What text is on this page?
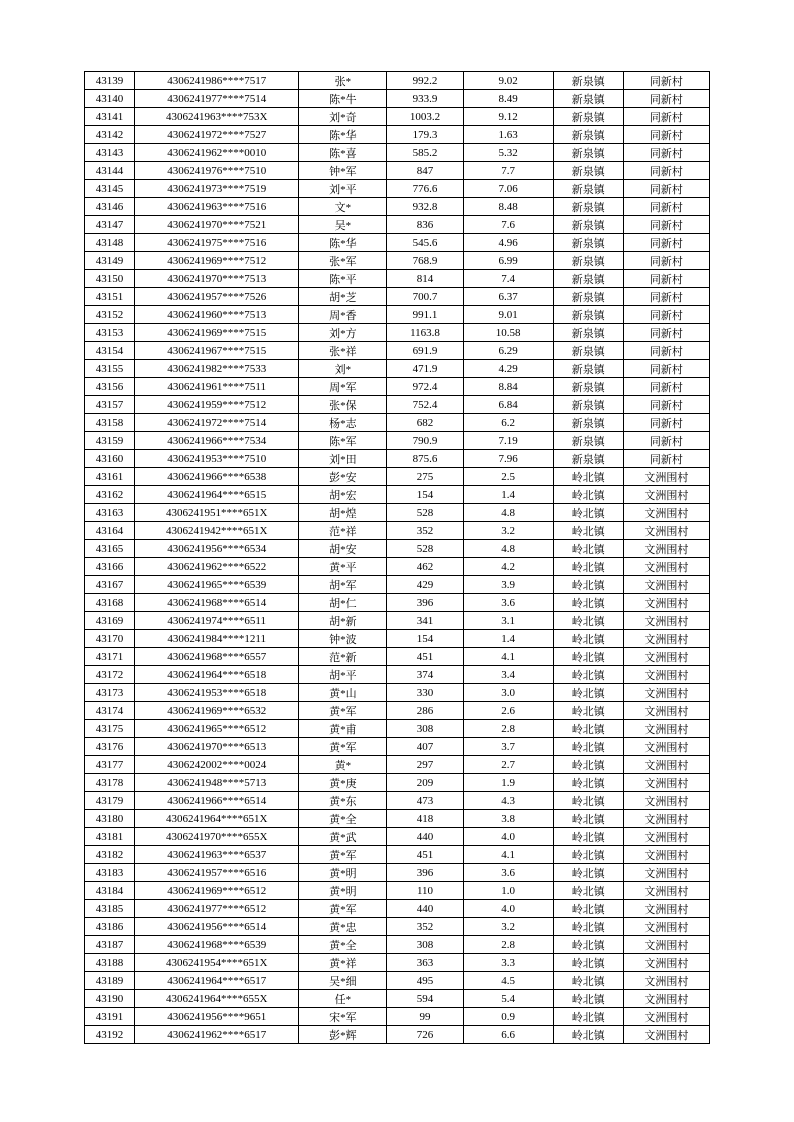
43139	4306241986****7517	张*	992.2	9.02	新泉镇	同新村
43140	4306241977****7514	陈*牛	933.9	8.49	新泉镇	同新村
43141	4306241963****753X	刘*奇	1003.2	9.12	新泉镇	同新村
43142	4306241972****7527	陈*华	179.3	1.63	新泉镇	同新村
43143	4306241962****0010	陈*喜	585.2	5.32	新泉镇	同新村
43144	4306241976****7510	钟*军	847	7.7	新泉镇	同新村
43145	4306241973****7519	刘*平	776.6	7.06	新泉镇	同新村
43146	4306241963****7516	文*	932.8	8.48	新泉镇	同新村
43147	4306241970****7521	吴*	836	7.6	新泉镇	同新村
43148	4306241975****7516	陈*华	545.6	4.96	新泉镇	同新村
43149	4306241969****7512	张*军	768.9	6.99	新泉镇	同新村
43150	4306241970****7513	陈*平	814	7.4	新泉镇	同新村
43151	4306241957****7526	胡*芝	700.7	6.37	新泉镇	同新村
43152	4306241960****7513	周*香	991.1	9.01	新泉镇	同新村
43153	4306241969****7515	刘*方	1163.8	10.58	新泉镇	同新村
43154	4306241967****7515	张*祥	691.9	6.29	新泉镇	同新村
43155	4306241982****7533	刘*	471.9	4.29	新泉镇	同新村
43156	4306241961****7511	周*军	972.4	8.84	新泉镇	同新村
43157	4306241959****7512	张*保	752.4	6.84	新泉镇	同新村
43158	4306241972****7514	杨*志	682	6.2	新泉镇	同新村
43159	4306241966****7534	陈*军	790.9	7.19	新泉镇	同新村
43160	4306241953****7510	刘*田	875.6	7.96	新泉镇	同新村
43161	4306241966****6538	彭*安	275	2.5	岭北镇	文洲围村
43162	4306241964****6515	胡*宏	154	1.4	岭北镇	文洲围村
43163	4306241951****651X	胡*煌	528	4.8	岭北镇	文洲围村
43164	4306241942****651X	范*祥	352	3.2	岭北镇	文洲围村
43165	4306241956****6534	胡*安	528	4.8	岭北镇	文洲围村
43166	4306241962****6522	黄*平	462	4.2	岭北镇	文洲围村
43167	4306241965****6539	胡*军	429	3.9	岭北镇	文洲围村
43168	4306241968****6514	胡*仁	396	3.6	岭北镇	文洲围村
43169	4306241974****6511	胡*新	341	3.1	岭北镇	文洲围村
43170	4306241984****1211	钟*波	154	1.4	岭北镇	文洲围村
43171	4306241968****6557	范*新	451	4.1	岭北镇	文洲围村
43172	4306241964****6518	胡*平	374	3.4	岭北镇	文洲围村
43173	4306241953****6518	黄*山	330	3.0	岭北镇	文洲围村
43174	4306241969****6532	黄*军	286	2.6	岭北镇	文洲围村
43175	4306241965****6512	黄*甫	308	2.8	岭北镇	文洲围村
43176	4306241970****6513	黄*军	407	3.7	岭北镇	文洲围村
43177	4306242002****0024	黄*	297	2.7	岭北镇	文洲围村
43178	4306241948****5713	黄*庚	209	1.9	岭北镇	文洲围村
43179	4306241966****6514	黄*东	473	4.3	岭北镇	文洲围村
43180	4306241964****651X	黄*全	418	3.8	岭北镇	文洲围村
43181	4306241970****655X	黄*武	440	4.0	岭北镇	文洲围村
43182	4306241963****6537	黄*军	451	4.1	岭北镇	文洲围村
43183	4306241957****6516	黄*明	396	3.6	岭北镇	文洲围村
43184	4306241969****6512	黄*明	110	1.0	岭北镇	文洲围村
43185	4306241977****6512	黄*军	440	4.0	岭北镇	文洲围村
43186	4306241956****6514	黄*忠	352	3.2	岭北镇	文洲围村
43187	4306241968****6539	黄*全	308	2.8	岭北镇	文洲围村
43188	4306241954****651X	黄*祥	363	3.3	岭北镇	文洲围村
43189	4306241964****6517	吴*细	495	4.5	岭北镇	文洲围村
43190	4306241964****655X	任*	594	5.4	岭北镇	文洲围村
43191	4306241956****9651	宋*军	99	0.9	岭北镇	文洲围村
43192	4306241962****6517	彭*辉	726	6.6	岭北镇	文洲围村
